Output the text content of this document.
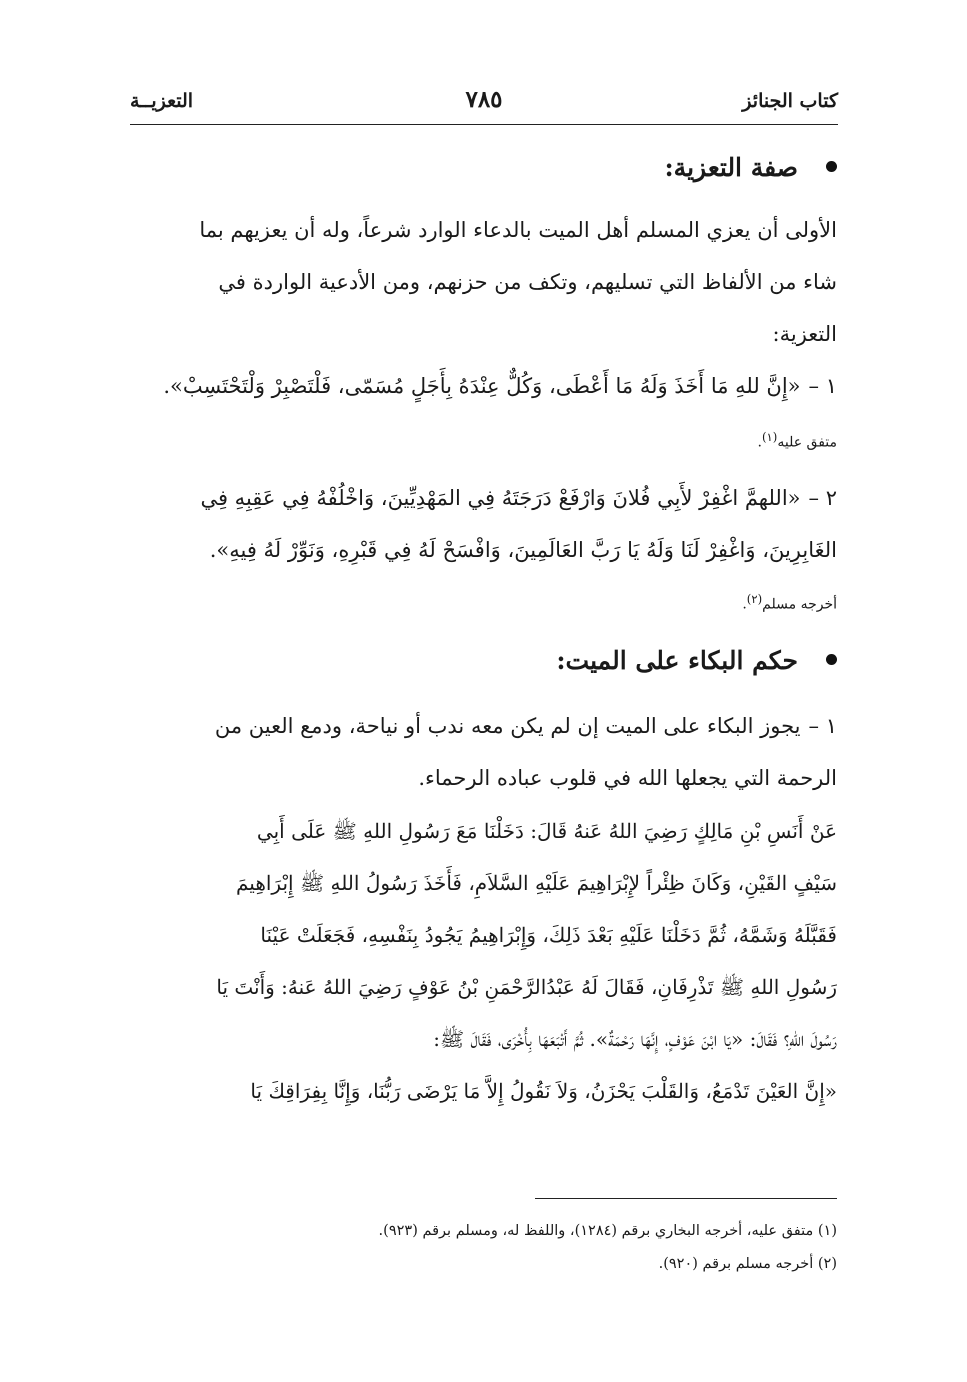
كتاب الجنائز
٧٨٥
التعزيــة
صفة التعزية:
الأولى أن يعزي المسلم أهل الميت بالدعاء الوارد شرعاً، وله أن يعزيهم بما
شاء من الألفاظ التي تسليهم، وتكف من حزنهم، ومن الأدعية الواردة في
التعزية:
١ –«إِنَّ للهِ مَا أَخَذَ وَلَهُ مَا أَعْطَى، وَكُلٌّ عِنْدَهُ بِأَجَلٍ مُسَمّى، فَلْتَصْبِرْ وَلْتَحْتَسِبْ».
متفق عليه$^{(١)}$.
٢ –«اللهمَّ اغْفِرْ لأَبِي فُلانَ وَارْفَعْ دَرَجَتَهُ فِي المَهْدِيِّينَ، وَاخْلُفْهُ فِي عَقِبِهِ فِي
الغَابِرِينَ، وَاغْفِرْ لَنَا وَلَهُ يَا رَبَّ العَالَمِينَ، وَافْسَحْ لَهُ فِي قَبْرِهِ، وَنَوِّرْ لَهُ فِيهِ».
أخرجه مسلم$^{(٢)}$.
حكم البكاء على الميت:
١ –يجوز البكاء على الميت إن لم يكن معه ندب أو نياحة، ودمع العين من
الرحمة التي يجعلها الله في قلوب عباده الرحماء.
عَنْ أَنَسِ بْنِ مَالِكٍ رَضِيَ اللهُ عَنهُ قَالَ: دَخَلْنَا مَعَ رَسُولِ اللهِ ﷺ عَلَى أَبِي
سَيْفٍ القَيْنِ، وَكَانَ ظِئْراً لإِبْرَاهِيمَ عَلَيْهِ السَّلاَمِ، فَأَخَذَ رَسُولُ اللهِ ﷺ إِبْرَاهِيمَ
فَقَبَّلَهُ وَشَمَّهُ، ثُمَّ دَخَلْنَا عَلَيْهِ بَعْدَ ذَلِكَ، وَإِبْرَاهِيمُ يَجُودُ بِنَفْسِهِ، فَجَعَلَتْ عَيْنَا
رَسُولِ اللهِ ﷺ تَذْرِفَانِ، فَقَالَ لَهُ عَبْدُالرَّحْمَنِ بْنُ عَوْفٍ رَضِيَ اللهُ عَنهُ: وَأَنْتَ يَا
رَسُولَ اللهِ؟ فَقَالَ: «يَا ابْنَ عَوْفٍ، إِنَّهَا رَحْمَةٌ». ثُمَّ أَتْبَعَهَا بِأُخْرَى، فَقَالَ ﷺ:
«إِنَّ العَيْنَ تَدْمَعُ، وَالقَلْبَ يَحْزَنُ، وَلاَ نَقُولُ إِلاَّ مَا يَرْضَى رَبُّنَا، وَإِنَّا بِفِرَاقِكَ يَا
(١) متفق عليه، أخرجه البخاري برقم (١٢٨٤)، واللفظ له، ومسلم برقم (٩٢٣).
(٢) أخرجه مسلم برقم (٩٢٠).
